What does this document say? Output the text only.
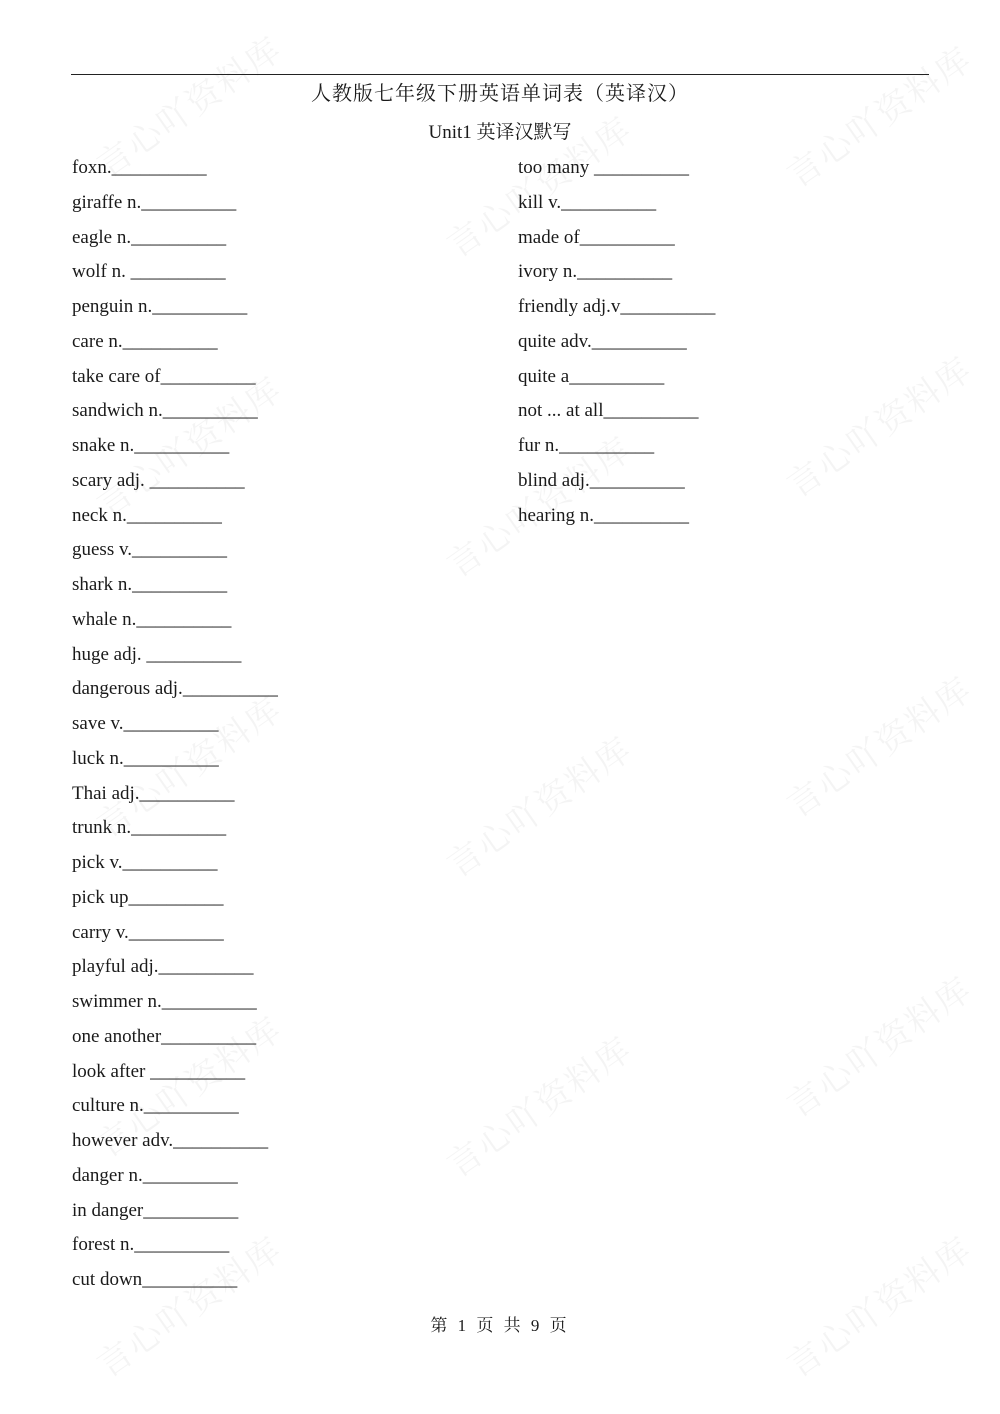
人教版七年级下册英语单词表（英译汉）
Unit1 英译汉默写
foxn.__________
giraffe n.__________
eagle n.__________
wolf n. __________
penguin n.__________
care n.__________
take care of__________
sandwich n.__________
snake n.__________
scary adj. __________
neck n.__________
guess v.__________
shark n.__________
whale n.__________
huge adj. __________
dangerous adj.__________
save v.__________
luck n.__________
Thai adj.__________
trunk n.__________
pick v.__________
pick up__________
carry v.__________
playful adj.__________
swimmer n.__________
one another__________
look after __________
culture n.__________
however adv.__________
danger n.__________
in danger__________
forest n.__________
cut down__________
too many __________
kill v.__________
made of__________
ivory n.__________
friendly adj.v__________
quite adv.__________
quite a__________
not ... at all__________
fur n.__________
blind adj.__________
hearing n.__________
第 1 页 共 9 页
